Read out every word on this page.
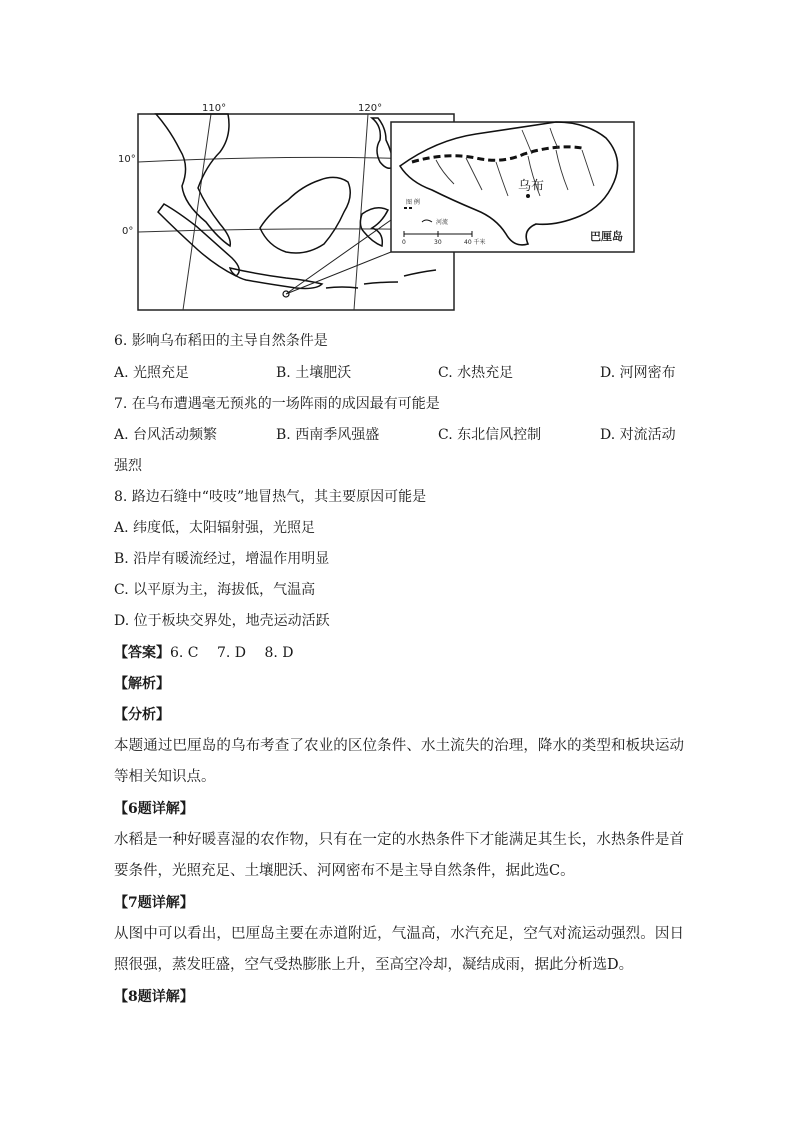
110°	120°
10°
0°
乌布
巴厘岛
图 例
河流
0	30	40 千米
6. 影响乌布稻田的主导自然条件是
A. 光照充足	B. 土壤肥沃	C. 水热充足	D. 河网密布
7. 在乌布遭遇毫无预兆的一场阵雨的成因最有可能是
A. 台风活动频繁	B. 西南季风强盛	C. 东北信风控制	D. 对流活动
强烈
8. 路边石缝中“吱吱”地冒热气，其主要原因可能是
A. 纬度低，太阳辐射强，光照足
B. 沿岸有暖流经过，增温作用明显
C. 以平原为主，海拔低，气温高
D. 位于板块交界处，地壳运动活跃
【答案】6. C　 7. D　 8. D
【解析】
【分析】
本题通过巴厘岛的乌布考查了农业的区位条件、水土流失的治理，降水的类型和板块运动等相关知识点。
【6题详解】
水稻是一种好暖喜湿的农作物，只有在一定的水热条件下才能满足其生长，水热条件是首要条件，光照充足、土壤肥沃、河网密布不是主导自然条件，据此选C。
【7题详解】
从图中可以看出，巴厘岛主要在赤道附近，气温高，水汽充足，空气对流运动强烈。因日照很强，蒸发旺盛，空气受热膨胀上升，至高空冷却，凝结成雨，据此分析选D。
【8题详解】
